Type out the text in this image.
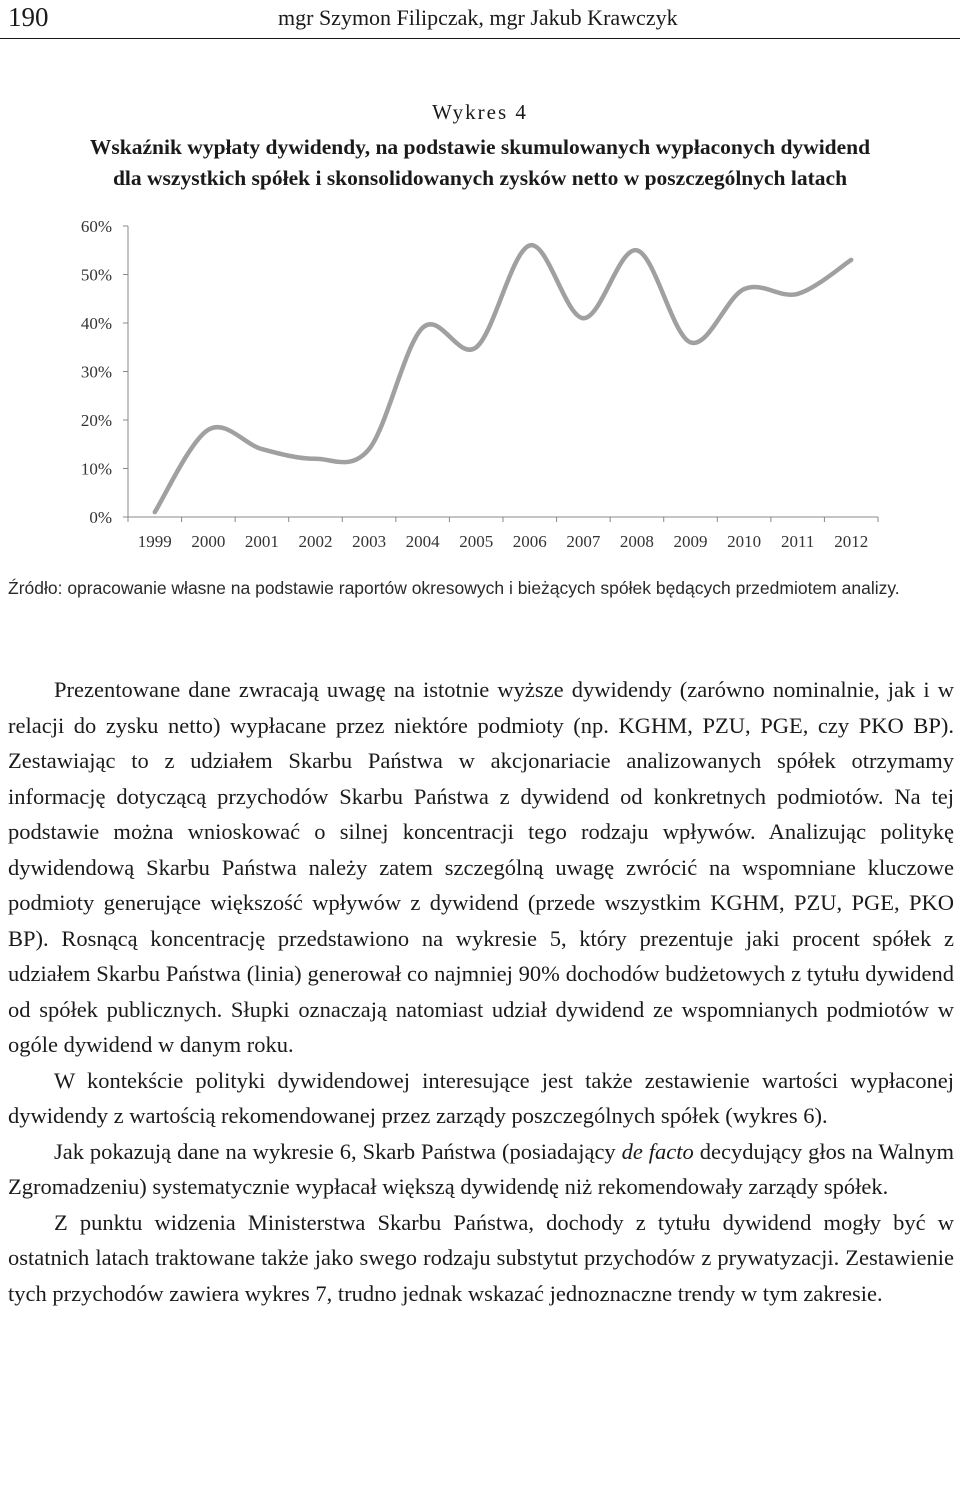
190	mgr Szymon Filipczak, mgr Jakub Krawczyk
Wykres 4
Wskaźnik wypłaty dywidendy, na podstawie skumulowanych wypłaconych dywidend
dla wszystkich spółek i skonsolidowanych zysków netto w poszczególnych latach
0%
10%
20%
30%
40%
50%
60%
1999 2000 2001 2002 2003 2004 2005 2006 2007 2008 2009 2010 2011 2012
Źródło: opracowanie własne na podstawie raportów okresowych i bieżących spółek będących przedmiotem analizy.

Prezentowane dane zwracają uwagę na istotnie wyższe dywidendy (zarówno nominalnie, jak i w relacji do zysku netto) wypłacane przez niektóre podmioty (np. KGHM, PZU, PGE, czy PKO BP). Zestawiając to z udziałem Skarbu Państwa w akcjonariacie analizowanych spółek otrzymamy informację dotyczącą przychodów Skarbu Państwa z dywidend od konkretnych podmiotów. Na tej podstawie można wnioskować o silnej koncentracji tego rodzaju wpływów. Analizując politykę dywidendową Skarbu Państwa należy zatem szczególną uwagę zwrócić na wspomniane kluczowe podmioty generujące większość wpływów z dywidend (przede wszystkim KGHM, PZU, PGE, PKO BP). Rosnącą koncentrację przedstawiono na wykresie 5, który prezentuje jaki procent spółek z udziałem Skarbu Państwa (linia) generował co najmniej 90% dochodów budżetowych z tytułu dywidend od spółek publicznych. Słupki oznaczają natomiast udział dywidend ze wspomnianych podmiotów w ogóle dywidend w danym roku.

W kontekście polityki dywidendowej interesujące jest także zestawienie wartości wypłaconej dywidendy z wartością rekomendowanej przez zarządy poszczególnych spółek (wykres 6).

Jak pokazują dane na wykresie 6, Skarb Państwa (posiadający de facto decydujący głos na Walnym Zgromadzeniu) systematycznie wypłacał większą dywidendę niż rekomendowały zarządy spółek.

Z punktu widzenia Ministerstwa Skarbu Państwa, dochody z tytułu dywidend mogły być w ostatnich latach traktowane także jako swego rodzaju substytut przychodów z prywatyzacji. Zestawienie tych przychodów zawiera wykres 7, trudno jednak wskazać jednoznaczne trendy w tym zakresie.
